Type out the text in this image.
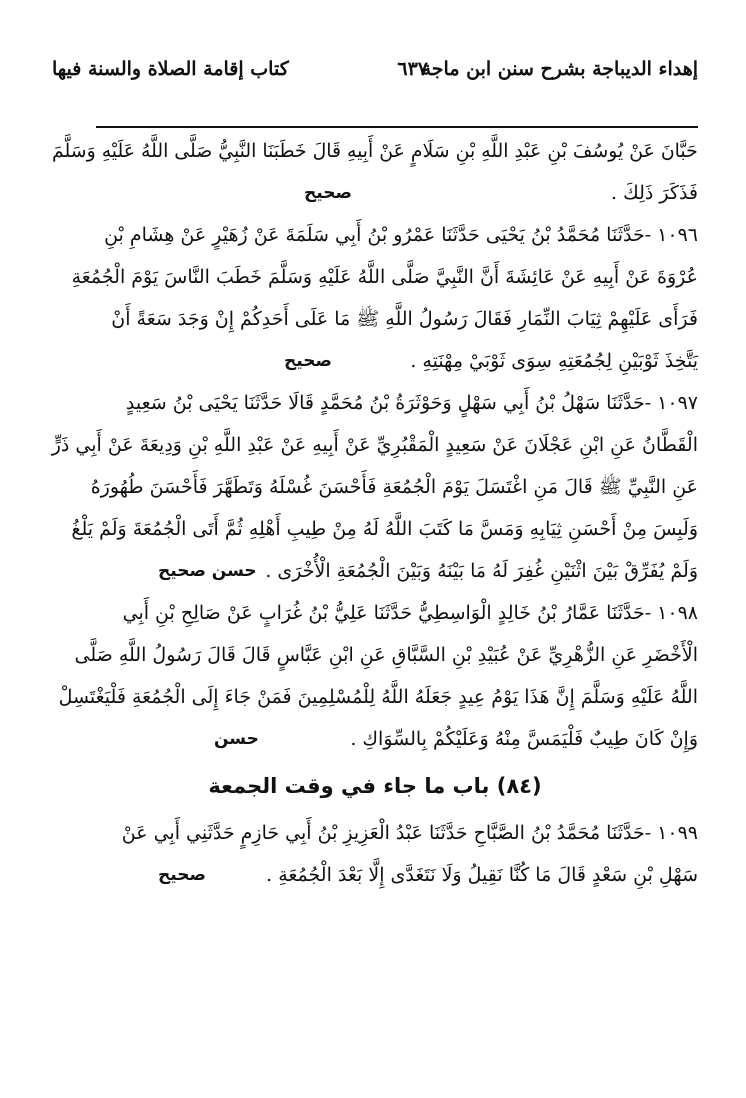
إهداء الديباجة بشرح سنن ابن ماجة
٦٣٧
كتاب إقامة الصلاة والسنة فيها
حَبَّانَ عَنْ يُوسُفَ بْنِ عَبْدِ اللَّهِ بْنِ سَلَامٍ عَنْ أَبِيهِ قَالَ خَطَبَنَا النَّبِيُّ صَلَّى اللَّهُ عَلَيْهِ وَسَلَّمَ
فَذَكَرَ ذَلِكَ .
صحيح
١٠٩٦ -حَدَّثَنَا مُحَمَّدُ بْنُ يَحْيَى حَدَّثَنَا عَمْرُو بْنُ أَبِي سَلَمَةَ عَنْ زُهَيْرٍ عَنْ هِشَامِ بْنِ
عُرْوَةَ عَنْ أَبِيهِ عَنْ عَائِشَةَ أَنَّ النَّبِيَّ صَلَّى اللَّهُ عَلَيْهِ وَسَلَّمَ خَطَبَ النَّاسَ يَوْمَ الْجُمُعَةِ
فَرَأَى عَلَيْهِمْ ثِيَابَ النِّمَارِ فَقَالَ رَسُولُ اللَّهِ ﷺ مَا عَلَى أَحَدِكُمْ إِنْ وَجَدَ سَعَةً أَنْ
يَتَّخِذَ ثَوْبَيْنِ لِجُمُعَتِهِ سِوَى ثَوْبَيْ مِهْنَتِهِ .
صحيح
١٠٩٧ -حَدَّثَنَا سَهْلُ بْنُ أَبِي سَهْلٍ وَحَوْثَرَةُ بْنُ مُحَمَّدٍ قَالَا حَدَّثَنَا يَحْيَى بْنُ سَعِيدٍ
الْقَطَّانُ عَنِ ابْنِ عَجْلَانَ عَنْ سَعِيدٍ الْمَقْبُرِيِّ عَنْ أَبِيهِ عَنْ عَبْدِ اللَّهِ بْنِ وَدِيعَةَ عَنْ أَبِي ذَرٍّ
عَنِ النَّبِيِّ ﷺ قَالَ مَنِ اغْتَسَلَ يَوْمَ الْجُمُعَةِ فَأَحْسَنَ غُسْلَهُ وَتَطَهَّرَ فَأَحْسَنَ طُهُورَهُ
وَلَبِسَ مِنْ أَحْسَنِ ثِيَابِهِ وَمَسَّ مَا كَتَبَ اللَّهُ لَهُ مِنْ طِيبِ أَهْلِهِ ثُمَّ أَتَى الْجُمُعَةَ وَلَمْ يَلْغُ
وَلَمْ يُفَرِّقْ بَيْنَ اثْنَيْنِ غُفِرَ لَهُ مَا بَيْنَهُ وَبَيْنَ الْجُمُعَةِ الْأُخْرَى .
حسن صحيح
١٠٩٨ -حَدَّثَنَا عَمَّارُ بْنُ خَالِدٍ الْوَاسِطِيُّ حَدَّثَنَا عَلِيُّ بْنُ غُرَابٍ عَنْ صَالِحِ بْنِ أَبِي
الْأَخْضَرِ عَنِ الزُّهْرِيِّ عَنْ عُبَيْدِ بْنِ السَّبَّاقِ عَنِ ابْنِ عَبَّاسٍ قَالَ قَالَ رَسُولُ اللَّهِ صَلَّى
اللَّهُ عَلَيْهِ وَسَلَّمَ إِنَّ هَذَا يَوْمُ عِيدٍ جَعَلَهُ اللَّهُ لِلْمُسْلِمِينَ فَمَنْ جَاءَ إِلَى الْجُمُعَةِ فَلْيَغْتَسِلْ
وَإِنْ كَانَ طِيبٌ فَلْيَمَسَّ مِنْهُ وَعَلَيْكُمْ بِالسِّوَاكِ .
حسن
(٨٤) باب ما جاء في وقت الجمعة
١٠٩٩ -حَدَّثَنَا مُحَمَّدُ بْنُ الصَّبَّاحِ حَدَّثَنَا عَبْدُ الْعَزِيزِ بْنُ أَبِي حَازِمٍ حَدَّثَنِي أَبِي عَنْ
سَهْلِ بْنِ سَعْدٍ قَالَ مَا كُنَّا نَقِيلُ وَلَا نَتَغَدَّى إِلَّا بَعْدَ الْجُمُعَةِ .
صحيح
